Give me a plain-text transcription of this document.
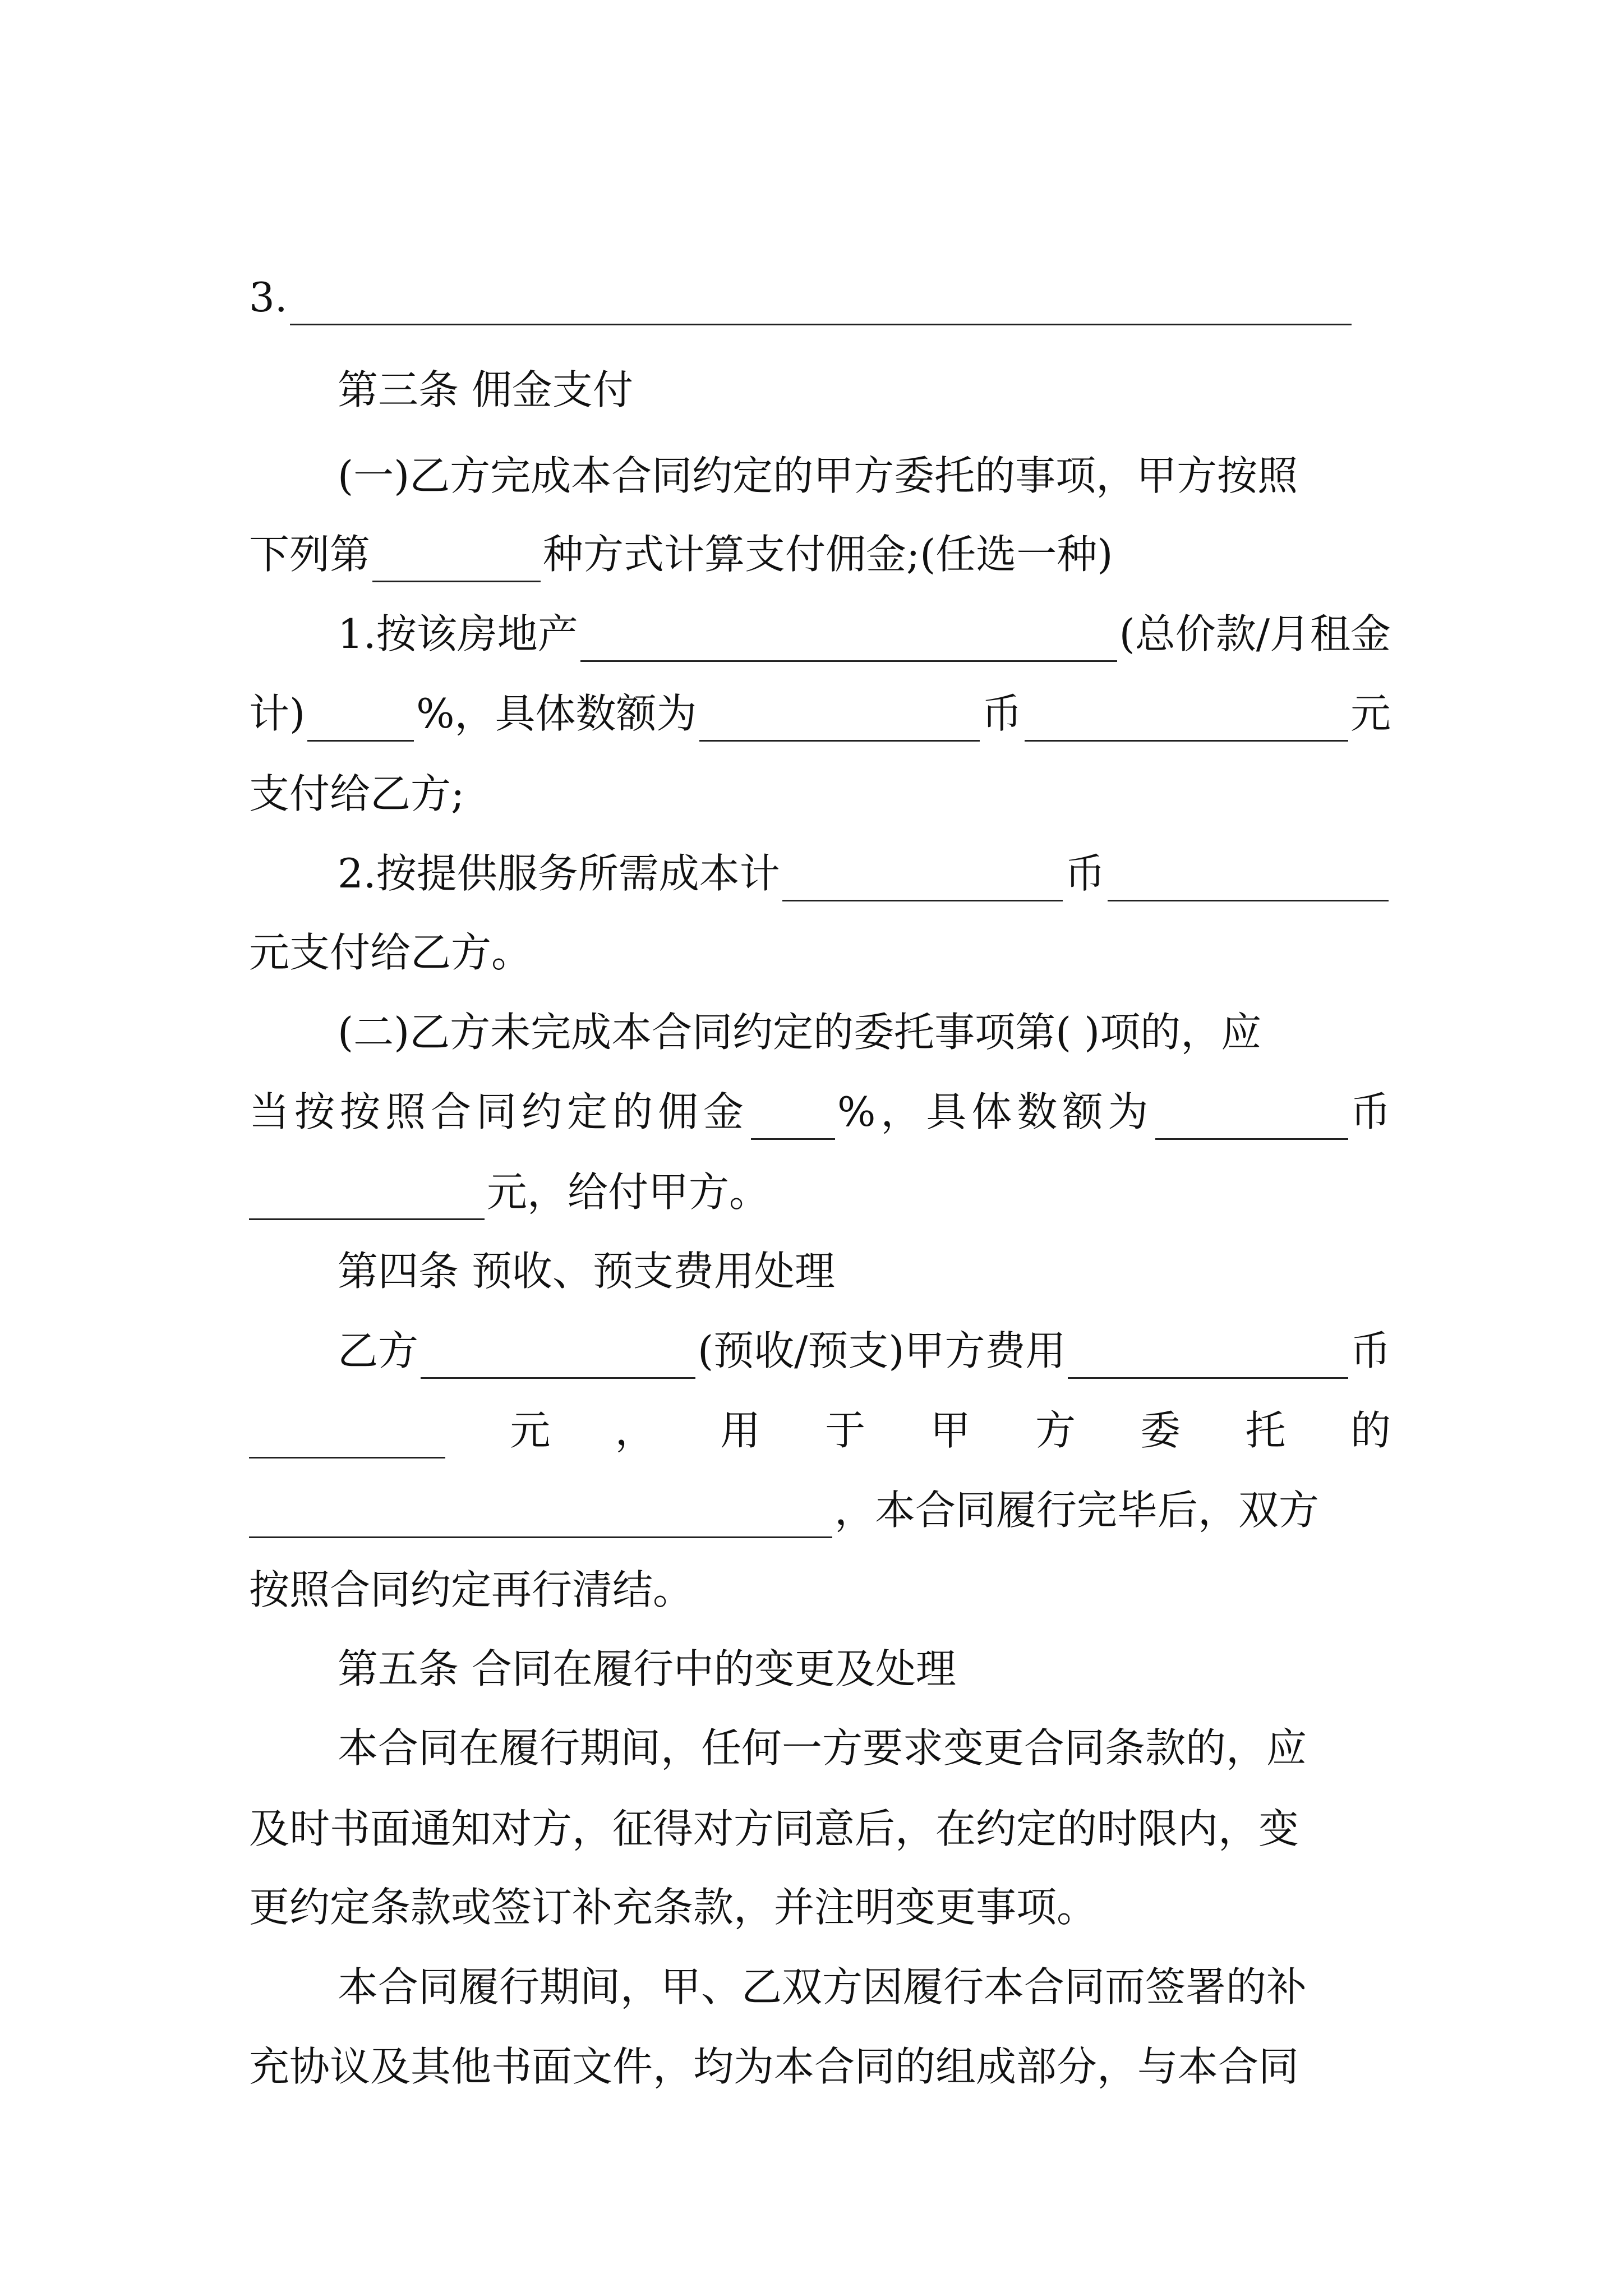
3.
第三条 佣金支付
(一)乙方完成本合同约定的甲方委托的事项，甲方按照
下列第	种方式计算支付佣金;(任选一种)
1.按该房地产	(总价款/月租金
计)	%，具体数额为	币	元
支付给乙方;
2.按提供服务所需成本计	币
元支付给乙方。
(二)乙方未完成本合同约定的委托事项第( )项的，应
当按按照合同约定的佣金 %，具体数额为	币
元，给付甲方。
第四条 预收、预支费用处理
乙方	(预收/预支)甲方费用	币
元 ， 用 于 甲 方 委 托 的
，本合同履行完毕后，双方
按照合同约定再行清结。
第五条 合同在履行中的变更及处理
本合同在履行期间，任何一方要求变更合同条款的，应
及时书面通知对方，征得对方同意后，在约定的时限内，变
更约定条款或签订补充条款，并注明变更事项。
本合同履行期间，甲、乙双方因履行本合同而签署的补
充协议及其他书面文件，均为本合同的组成部分，与本合同
